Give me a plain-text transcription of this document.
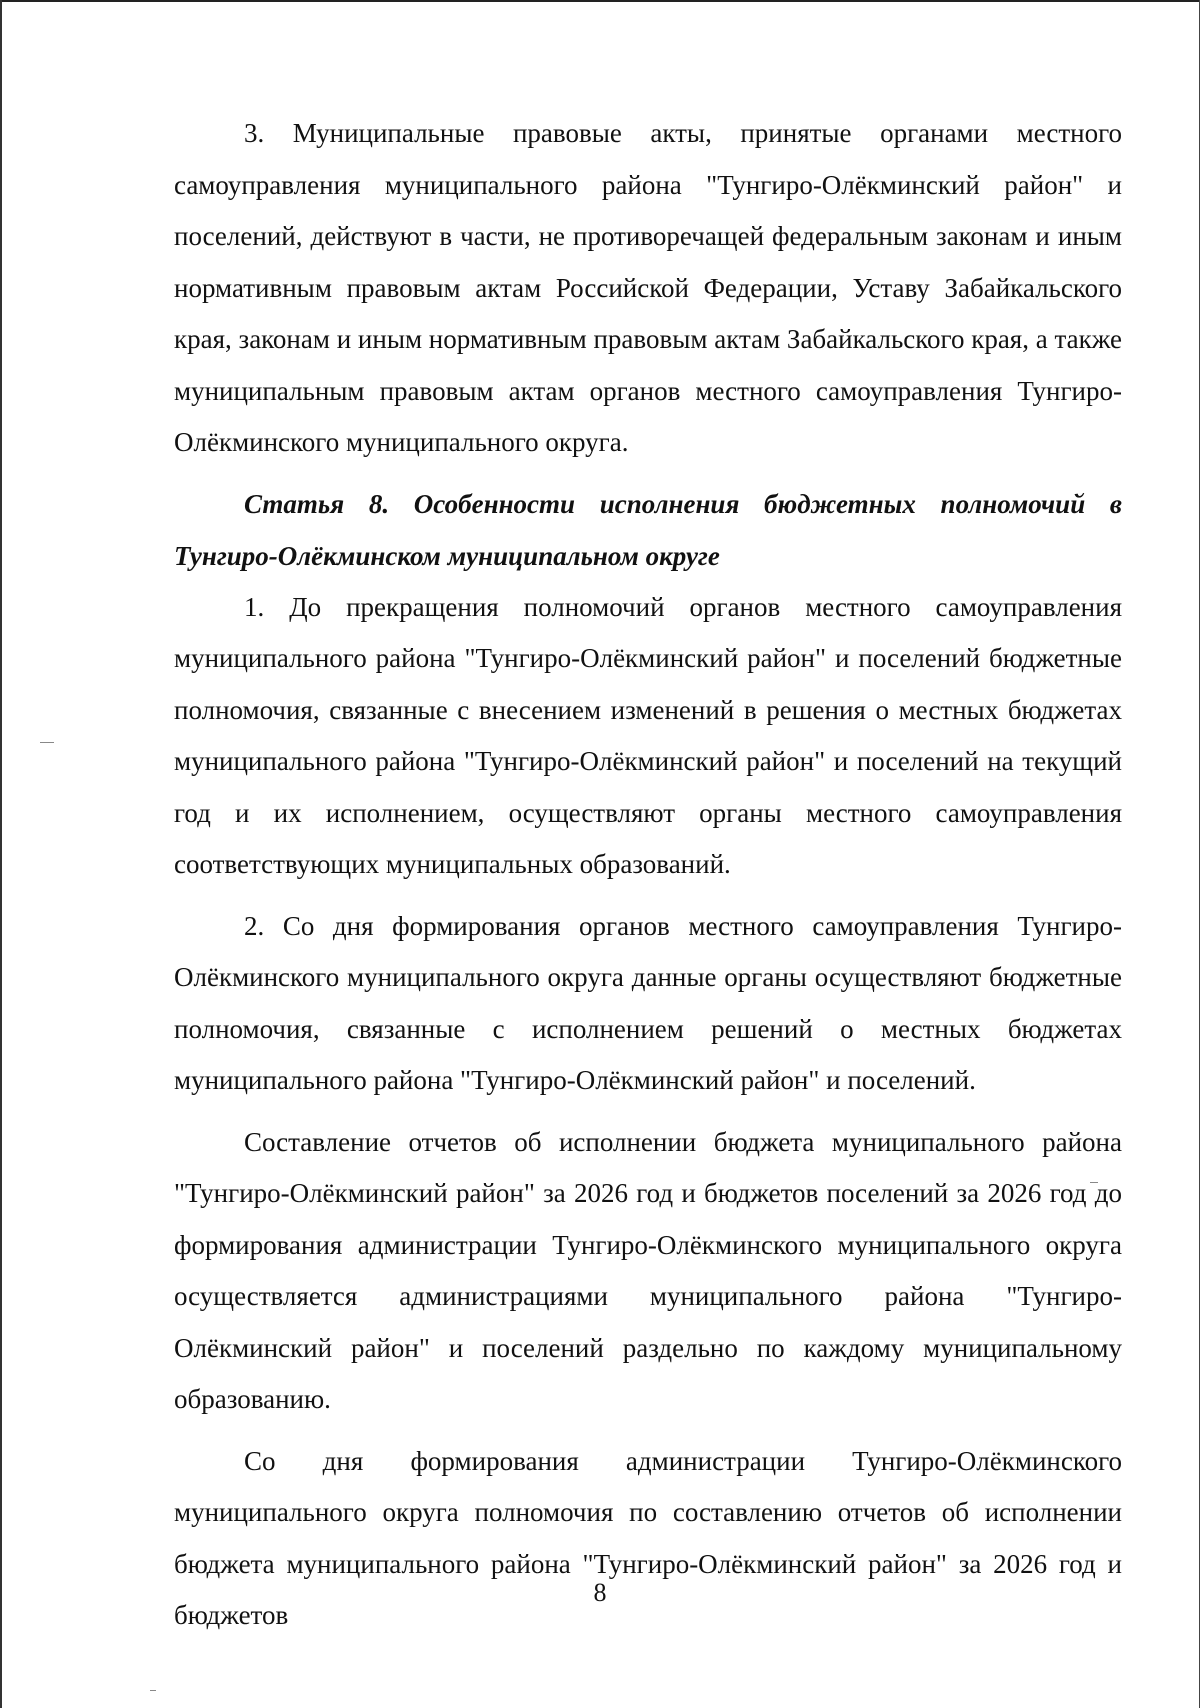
3. Муниципальные правовые акты, принятые органами местного самоуправления муниципального района "Тунгиро-Олёкминский район" и поселений, действуют в части, не противоречащей федеральным законам и иным нормативным правовым актам Российской Федерации, Уставу Забайкальского края, законам и иным нормативным правовым актам Забайкальского края, а также муниципальным правовым актам органов местного самоуправления Тунгиро-Олёкминского муниципального округа.

Статья 8. Особенности исполнения бюджетных полномочий в Тунгиро-Олёкминском муниципальном округе

1. До прекращения полномочий органов местного самоуправления муниципального района "Тунгиро-Олёкминский район" и поселений бюджетные полномочия, связанные с внесением изменений в решения о местных бюджетах муниципального района "Тунгиро-Олёкминский район" и поселений на текущий год и их исполнением, осуществляют органы местного самоуправления соответствующих муниципальных образований.

2. Со дня формирования органов местного самоуправления Тунгиро-Олёкминского муниципального округа данные органы осуществляют бюджетные полномочия, связанные с исполнением решений о местных бюджетах муниципального района "Тунгиро-Олёкминский район" и поселений.

Составление отчетов об исполнении бюджета муниципального района "Тунгиро-Олёкминский район" за 2026 год и бюджетов поселений за 2026 год до формирования администрации Тунгиро-Олёкминского муниципального округа осуществляется администрациями муниципального района "Тунгиро-Олёкминский район" и поселений раздельно по каждому муниципальному образованию.

Со дня формирования администрации Тунгиро-Олёкминского муниципального округа полномочия по составлению отчетов об исполнении бюджета муниципального района "Тунгиро-Олёкминский район" за 2026 год и бюджетов

8
